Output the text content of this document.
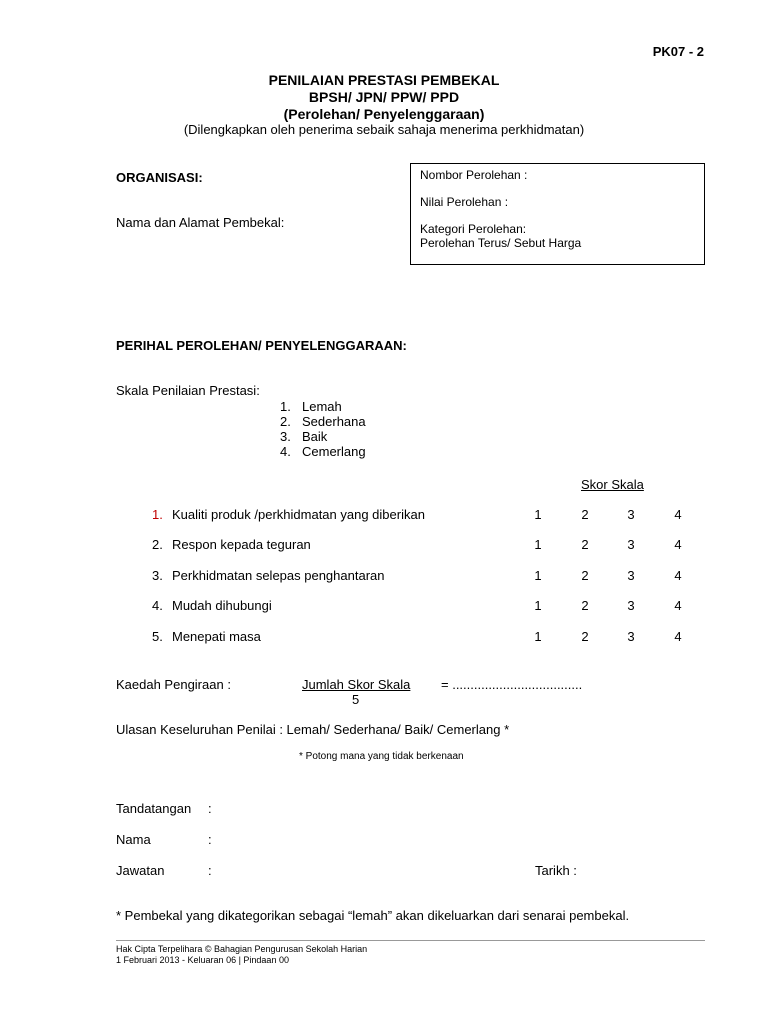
PK07 - 2
PENILAIAN PRESTASI PEMBEKAL
BPSH/ JPN/ PPW/ PPD
(Perolehan/ Penyelenggaraan)
(Dilengkapkan oleh penerima sebaik sahaja menerima perkhidmatan)
ORGANISASI:
Nama dan Alamat Pembekal:
Nombor Perolehan :
Nilai Perolehan :
Kategori Perolehan:
Perolehan Terus/ Sebut Harga
PERIHAL PEROLEHAN/ PENYELENGGARAAN:
Skala Penilaian Prestasi:
1. Lemah
2. Sederhana
3. Baik
4. Cemerlang
Skor Skala
1. Kualiti produk /perkhidmatan yang diberikan	1	2	3	4
2. Respon kepada teguran	1	2	3	4
3. Perkhidmatan selepas penghantaran	1	2	3	4
4. Mudah dihubungi	1	2	3	4
5. Menepati masa	1	2	3	4
Kaedah Pengiraan :	Jumlah Skor Skala
5
= ....................................
Ulasan Keseluruhan Penilai : Lemah/ Sederhana/ Baik/ Cemerlang *
* Potong mana yang tidak berkenaan
Tandatangan :
Nama	:
Jawatan	:	Tarikh :
* Pembekal yang dikategorikan sebagai “lemah” akan dikeluarkan dari senarai pembekal.
Hak Cipta Terpelihara © Bahagian Pengurusan Sekolah Harian
1 Februari 2013 - Keluaran 06 | Pindaan 00
